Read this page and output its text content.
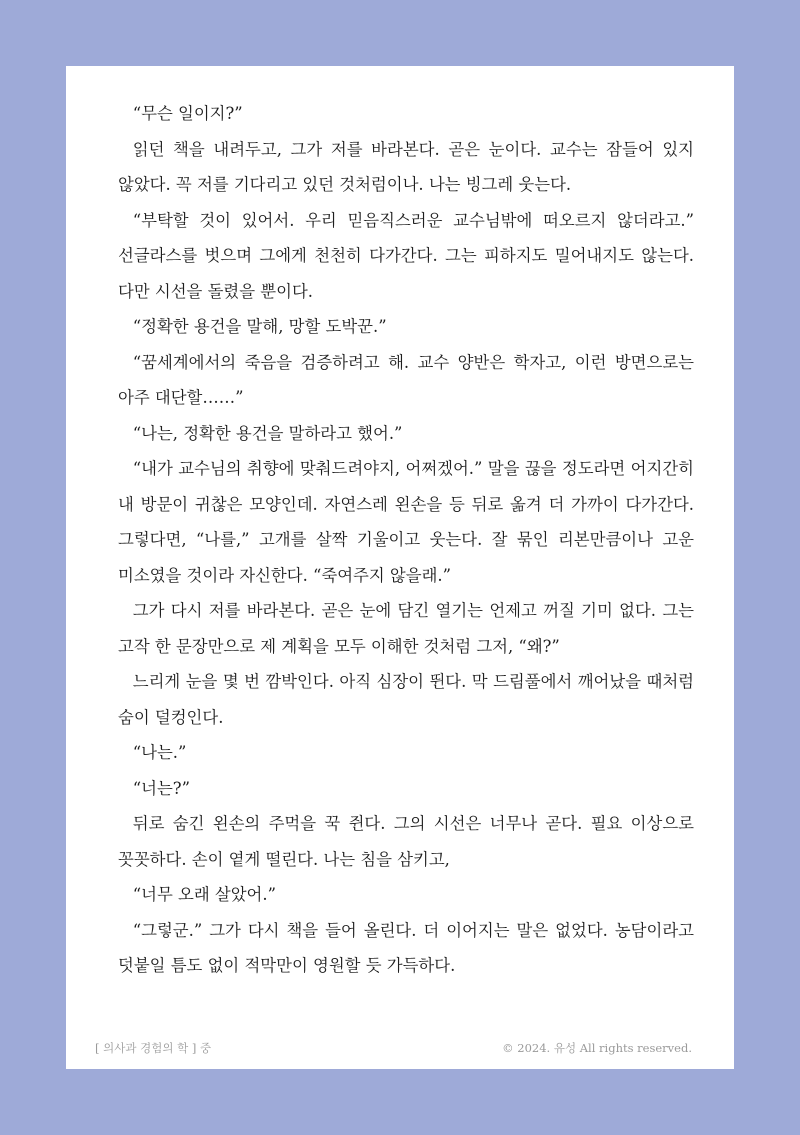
“무슨 일이지?”

읽던 책을 내려두고, 그가 저를 바라본다. 곧은 눈이다. 교수는 잠들어 있지 않았다. 꼭 저를 기다리고 있던 것처럼이나. 나는 빙그레 웃는다.

“부탁할 것이 있어서. 우리 믿음직스러운 교수님밖에 떠오르지 않더라고.” 선글라스를 벗으며 그에게 천천히 다가간다. 그는 피하지도 밀어내지도 않는다. 다만 시선을 돌렸을 뿐이다.

“정확한 용건을 말해, 망할 도박꾼.”

“꿈세계에서의 죽음을 검증하려고 해. 교수 양반은 학자고, 이런 방면으로는 아주 대단할……”

“나는, 정확한 용건을 말하라고 했어.”

“내가 교수님의 취향에 맞춰드려야지, 어쩌겠어.” 말을 끊을 정도라면 어지간히 내 방문이 귀찮은 모양인데. 자연스레 왼손을 등 뒤로 옮겨 더 가까이 다가간다. 그렇다면, “나를,” 고개를 살짝 기울이고 웃는다. 잘 묶인 리본만큼이나 고운 미소였을 것이라 자신한다. “죽여주지 않을래.”

그가 다시 저를 바라본다. 곧은 눈에 담긴 열기는 언제고 꺼질 기미 없다. 그는 고작 한 문장만으로 제 계획을 모두 이해한 것처럼 그저, “왜?”

느리게 눈을 몇 번 깜박인다. 아직 심장이 뛴다. 막 드림풀에서 깨어났을 때처럼 숨이 덜컹인다.

“나는.”

“너는?”

뒤로 숨긴 왼손의 주먹을 꾹 쥔다. 그의 시선은 너무나 곧다. 필요 이상으로 꼿꼿하다. 손이 옅게 떨린다. 나는 침을 삼키고,

“너무 오래 살았어.”

“그렇군.” 그가 다시 책을 들어 올린다. 더 이어지는 말은 없었다. 농담이라고 덧붙일 틈도 없이 적막만이 영원할 듯 가득하다.

[ 의사과 경험의 학 ] 중	© 2024. 유성 All rights reserved.
